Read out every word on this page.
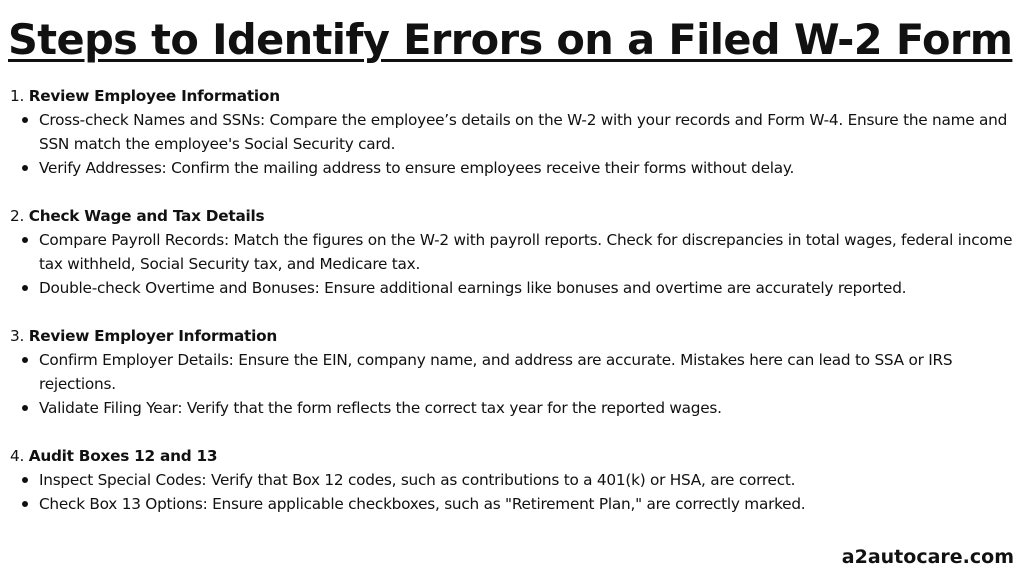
Steps to Identify Errors on a Filed W-2 Form

1. Review Employee Information

Cross-check Names and SSNs: Compare the employee’s details on the W-2 with your records and Form W-4. Ensure the name and SSN match the employee's Social Security card.
Verify Addresses: Confirm the mailing address to ensure employees receive their forms without delay.

2. Check Wage and Tax Details

Compare Payroll Records: Match the figures on the W-2 with payroll reports. Check for discrepancies in total wages, federal income tax withheld, Social Security tax, and Medicare tax.
Double-check Overtime and Bonuses: Ensure additional earnings like bonuses and overtime are accurately reported.

3. Review Employer Information

Confirm Employer Details: Ensure the EIN, company name, and address are accurate. Mistakes here can lead to SSA or IRS rejections.
Validate Filing Year: Verify that the form reflects the correct tax year for the reported wages.

4. Audit Boxes 12 and 13

Inspect Special Codes: Verify that Box 12 codes, such as contributions to a 401(k) or HSA, are correct.
Check Box 13 Options: Ensure applicable checkboxes, such as "Retirement Plan," are correctly marked.
a2autocare.com
